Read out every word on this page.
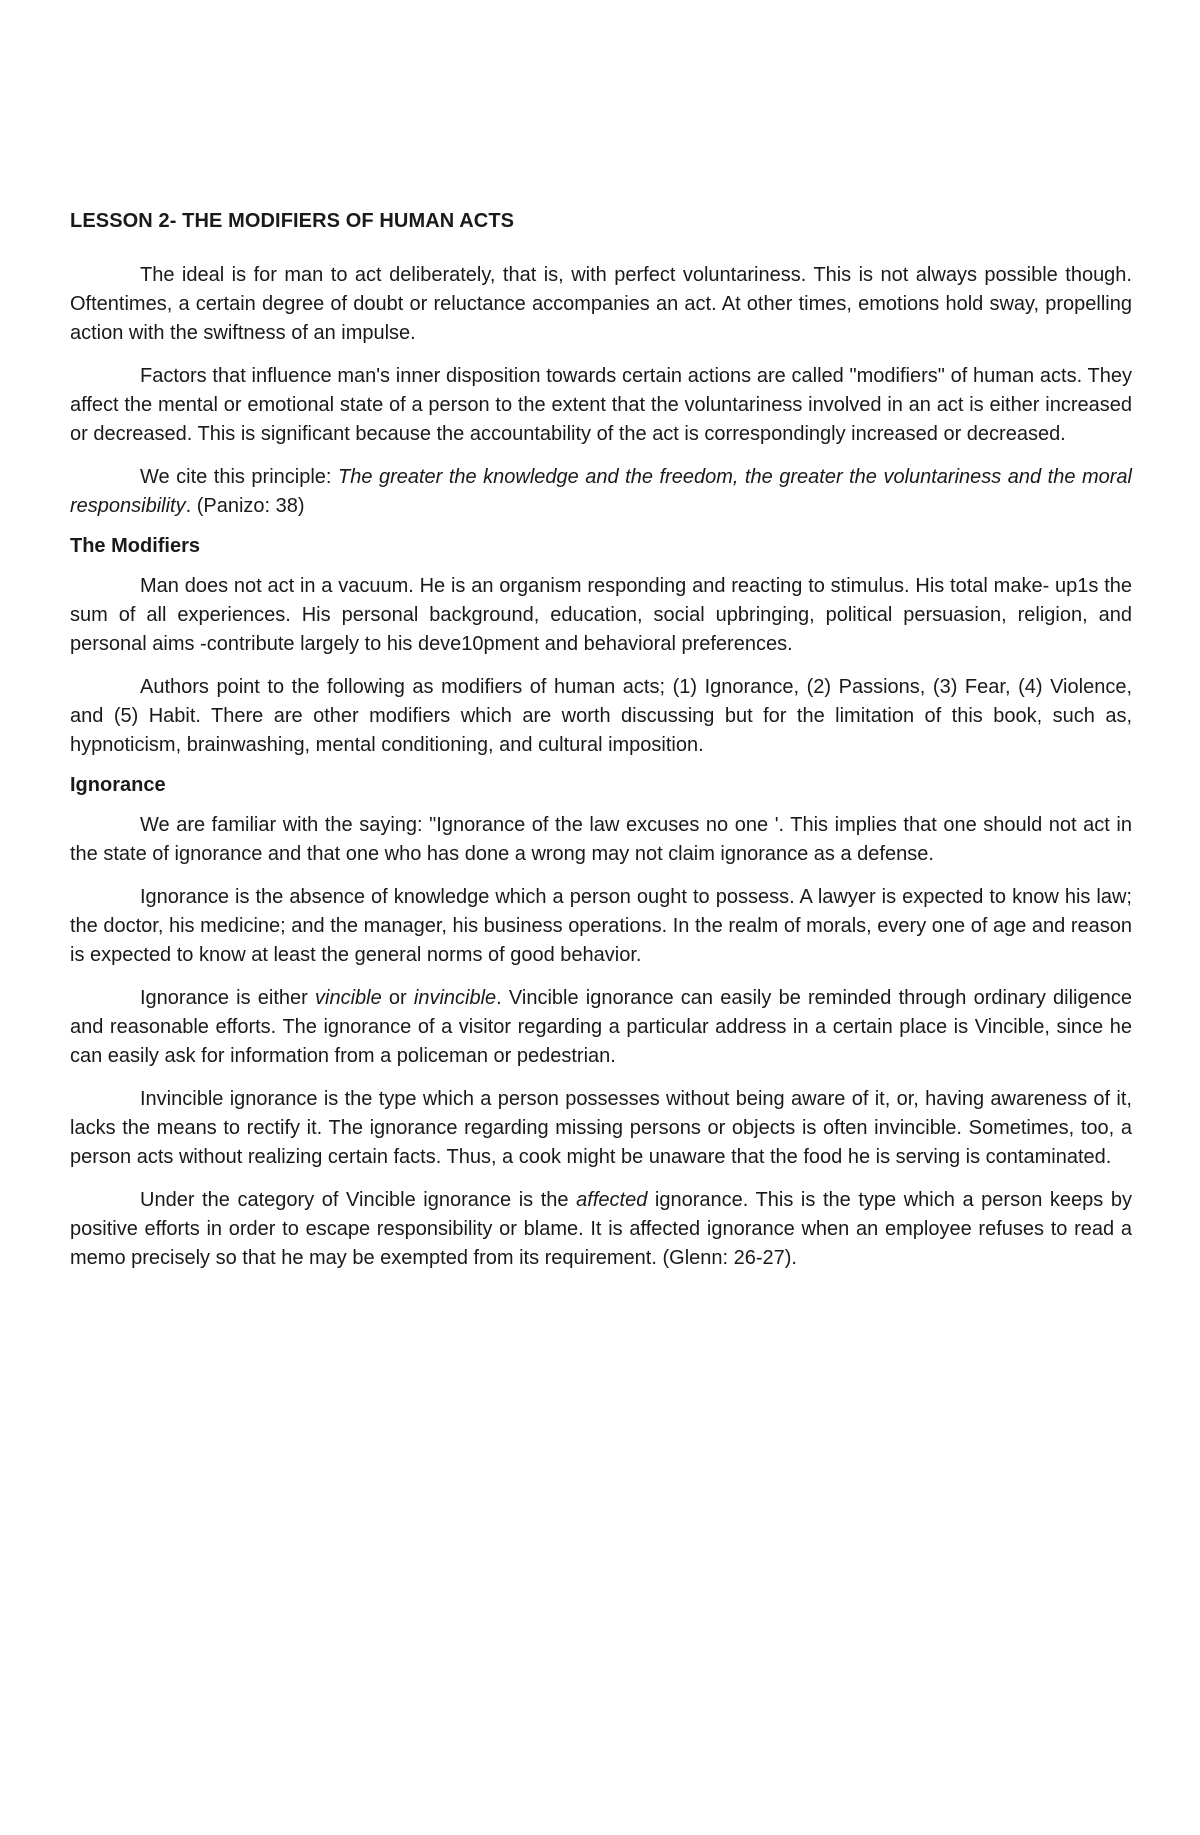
LESSON 2- THE MODIFIERS OF HUMAN ACTS

The ideal is for man to act deliberately, that is, with perfect voluntariness. This is not always possible though. Oftentimes, a certain degree of doubt or reluctance accompanies an act. At other times, emotions hold sway, propelling action with the swiftness of an impulse.

Factors that influence man's inner disposition towards certain actions are called "modifiers" of human acts. They affect the mental or emotional state of a person to the extent that the voluntariness involved in an act is either increased or decreased. This is significant because the accountability of the act is correspondingly increased or decreased.

We cite this principle: The greater the knowledge and the freedom, the greater the voluntariness and the moral responsibility. (Panizo: 38)

The Modifiers

Man does not act in a vacuum. He is an organism responding and reacting to stimulus. His total make- up1s the sum of all experiences. His personal background, education, social upbringing, political persuasion, religion, and personal aims -contribute largely to his deve10pment and behavioral preferences.

Authors point to the following as modifiers of human acts; (1) Ignorance, (2) Passions, (3) Fear, (4) Violence, and (5) Habit. There are other modifiers which are worth discussing but for the limitation of this book, such as, hypnoticism, brainwashing, mental conditioning, and cultural imposition.

Ignorance

We are familiar with the saying: "Ignorance of the law excuses no one '. This implies that one should not act in the state of ignorance and that one who has done a wrong may not claim ignorance as a defense.

Ignorance is the absence of knowledge which a person ought to possess. A lawyer is expected to know his law; the doctor, his medicine; and the manager, his business operations. In the realm of morals, every one of age and reason is expected to know at least the general norms of good behavior.

Ignorance is either vincible or invincible. Vincible ignorance can easily be reminded through ordinary diligence and reasonable efforts. The ignorance of a visitor regarding a particular address in a certain place is Vincible, since he can easily ask for information from a policeman or pedestrian.

Invincible ignorance is the type which a person possesses without being aware of it, or, having awareness of it, lacks the means to rectify it. The ignorance regarding missing persons or objects is often invincible. Sometimes, too, a person acts without realizing certain facts. Thus, a cook might be unaware that the food he is serving is contaminated.

Under the category of Vincible ignorance is the affected ignorance. This is the type which a person keeps by positive efforts in order to escape responsibility or blame. It is affected ignorance when an employee refuses to read a memo precisely so that he may be exempted from its requirement. (Glenn: 26-27).
